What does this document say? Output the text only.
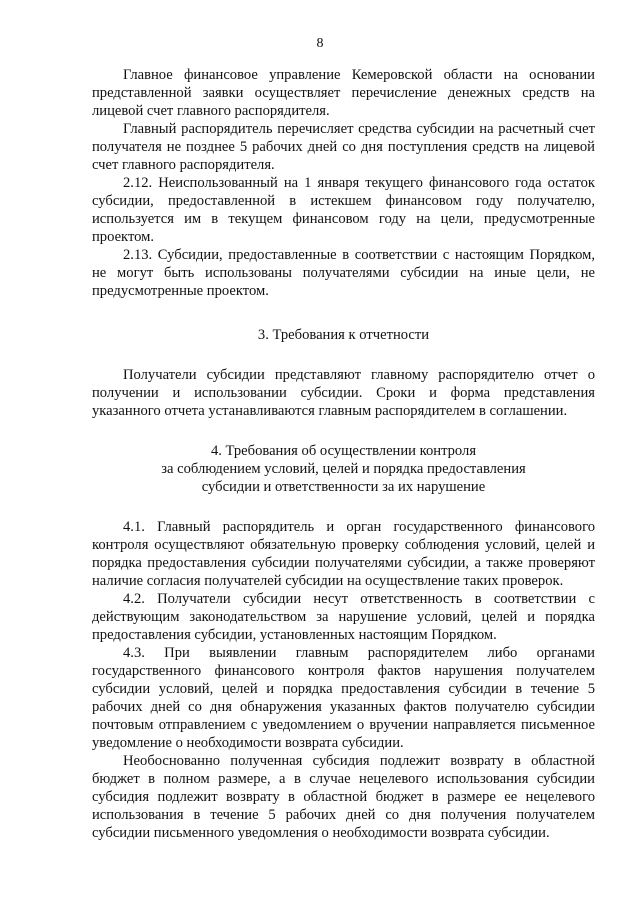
8

Главное финансовое управление Кемеровской области на основании представленной заявки осуществляет перечисление денежных средств на лицевой счет главного распорядителя.

Главный распорядитель перечисляет средства субсидии на расчетный счет получателя не позднее 5 рабочих дней со дня поступления средств на лицевой счет главного распорядителя.

2.12. Неиспользованный на 1 января текущего финансового года остаток субсидии, предоставленной в истекшем финансовом году получателю, используется им в текущем финансовом году на цели, предусмотренные проектом.

2.13. Субсидии, предоставленные в соответствии с настоящим Порядком, не могут быть использованы получателями субсидии на иные цели, не предусмотренные проектом.

3. Требования к отчетности

Получатели субсидии представляют главному распорядителю отчет о получении и использовании субсидии. Сроки и форма представления указанного отчета устанавливаются главным распорядителем в соглашении.

4. Требования об осуществлении контроля
за соблюдением условий, целей и порядка предоставления
субсидии и ответственности за их нарушение

4.1. Главный распорядитель и орган государственного финансового контроля осуществляют обязательную проверку соблюдения условий, целей и порядка предоставления субсидии получателями субсидии, а также проверяют наличие согласия получателей субсидии на осуществление таких проверок.

4.2. Получатели субсидии несут ответственность в соответствии с действующим законодательством за нарушение условий, целей и порядка предоставления субсидии, установленных настоящим Порядком.

4.3. При выявлении главным распорядителем либо органами государственного финансового контроля фактов нарушения получателем субсидии условий, целей и порядка предоставления субсидии в течение 5 рабочих дней со дня обнаружения указанных фактов получателю субсидии почтовым отправлением с уведомлением о вручении направляется письменное уведомление о необходимости возврата субсидии.

Необоснованно полученная субсидия подлежит возврату в областной бюджет в полном размере, а в случае нецелевого использования субсидии субсидия подлежит возврату в областной бюджет в размере ее нецелевого использования в течение 5 рабочих дней со дня получения получателем субсидии письменного уведомления о необходимости возврата субсидии.
